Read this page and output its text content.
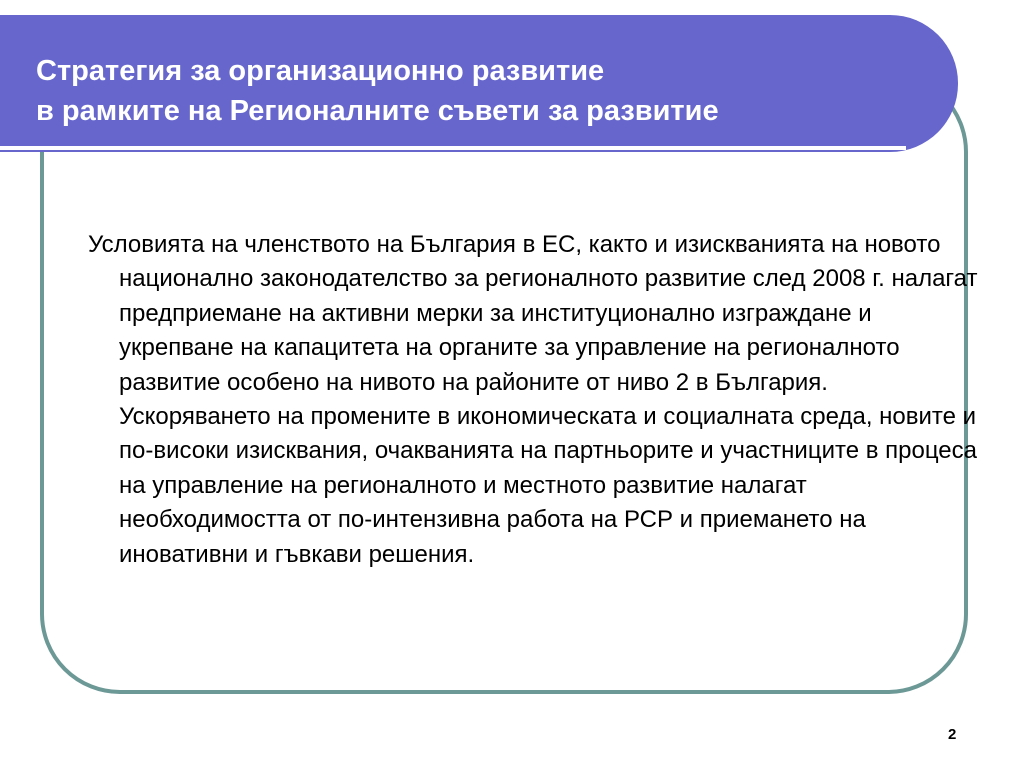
Стратегия за организационно развитие
в рамките на Регионалните съвети за развитие

Условията на членството на България в ЕС, както и изискванията на новото национално законодателство за регионалното развитие след 2008 г. налагат предприемане на активни мерки за институционално изграждане и укрепване на капацитета на органите за управление на регионалното развитие особено на нивото на районите от ниво 2 в България. Ускоряването на промените в икономическата и социалната среда, новите и по-високи изисквания, очакванията на партньорите и участниците в процеса на управление на регионалното и местното развитие налагат необходимостта от по-интензивна работа на РСР и приемането на иновативни и гъвкави решения.

2
